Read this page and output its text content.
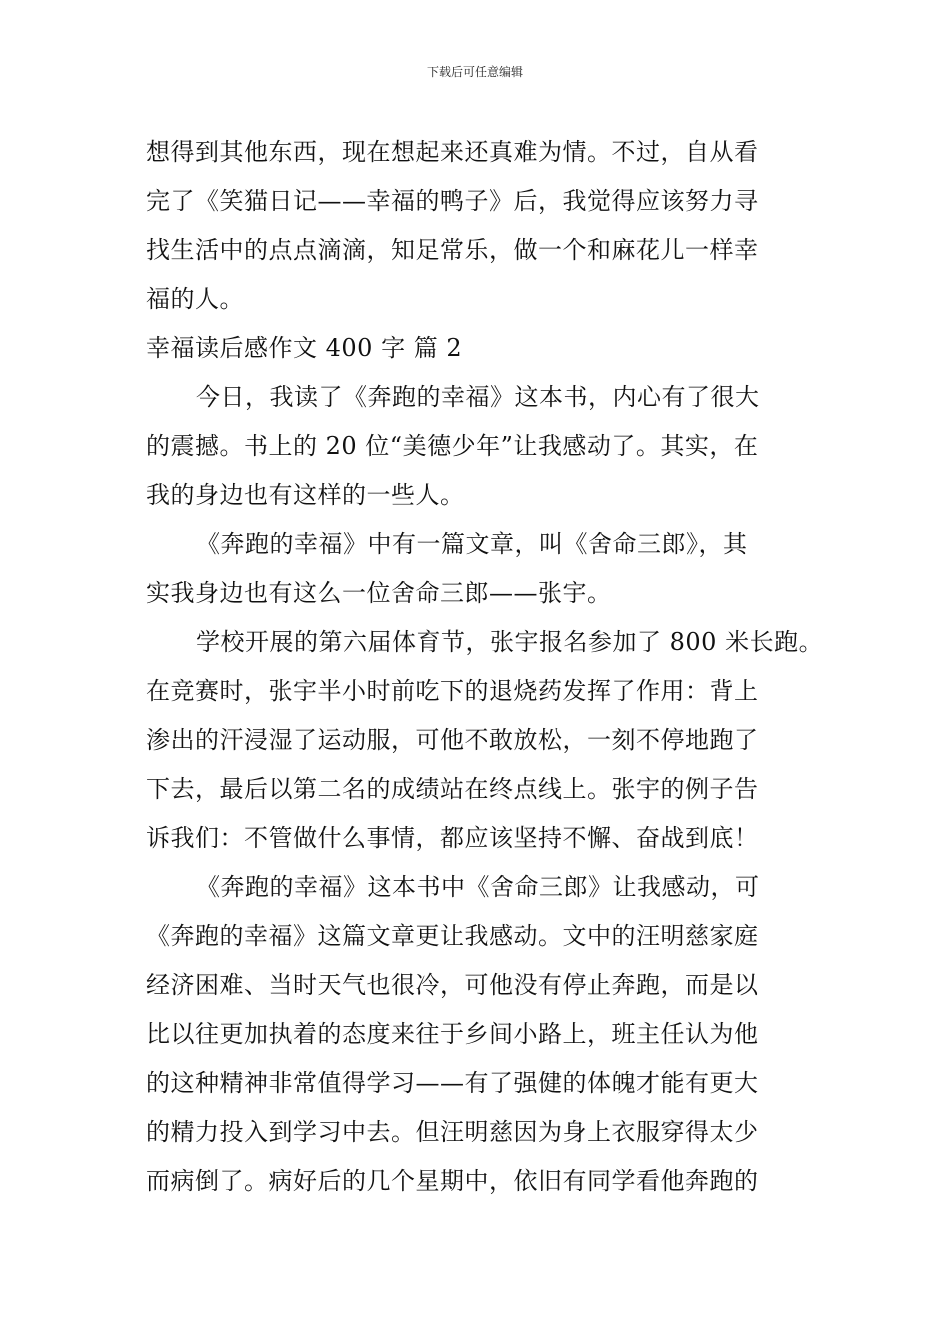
下载后可任意编辑
想得到其他东西，现在想起来还真难为情。不过，自从看
完了《笑猫日记——幸福的鸭子》后，我觉得应该努力寻
找生活中的点点滴滴，知足常乐，做一个和麻花儿一样幸
福的人。
幸福读后感作文 400 字 篇 2
今日，我读了《奔跑的幸福》这本书，内心有了很大
的震撼。书上的 20 位“美德少年”让我感动了。其实，在
我的身边也有这样的一些人。
《奔跑的幸福》中有一篇文章，叫《舍命三郎》，其
实我身边也有这么一位舍命三郎——张宇。
学校开展的第六届体育节，张宇报名参加了 800 米长跑。
在竞赛时，张宇半小时前吃下的退烧药发挥了作用：背上
渗出的汗浸湿了运动服，可他不敢放松，一刻不停地跑了
下去，最后以第二名的成绩站在终点线上。张宇的例子告
诉我们：不管做什么事情，都应该坚持不懈、奋战到底！
《奔跑的幸福》这本书中《舍命三郎》让我感动，可
《奔跑的幸福》这篇文章更让我感动。文中的汪明慈家庭
经济困难、当时天气也很冷，可他没有停止奔跑，而是以
比以往更加执着的态度来往于乡间小路上，班主任认为他
的这种精神非常值得学习——有了强健的体魄才能有更大
的精力投入到学习中去。但汪明慈因为身上衣服穿得太少
而病倒了。病好后的几个星期中，依旧有同学看他奔跑的
